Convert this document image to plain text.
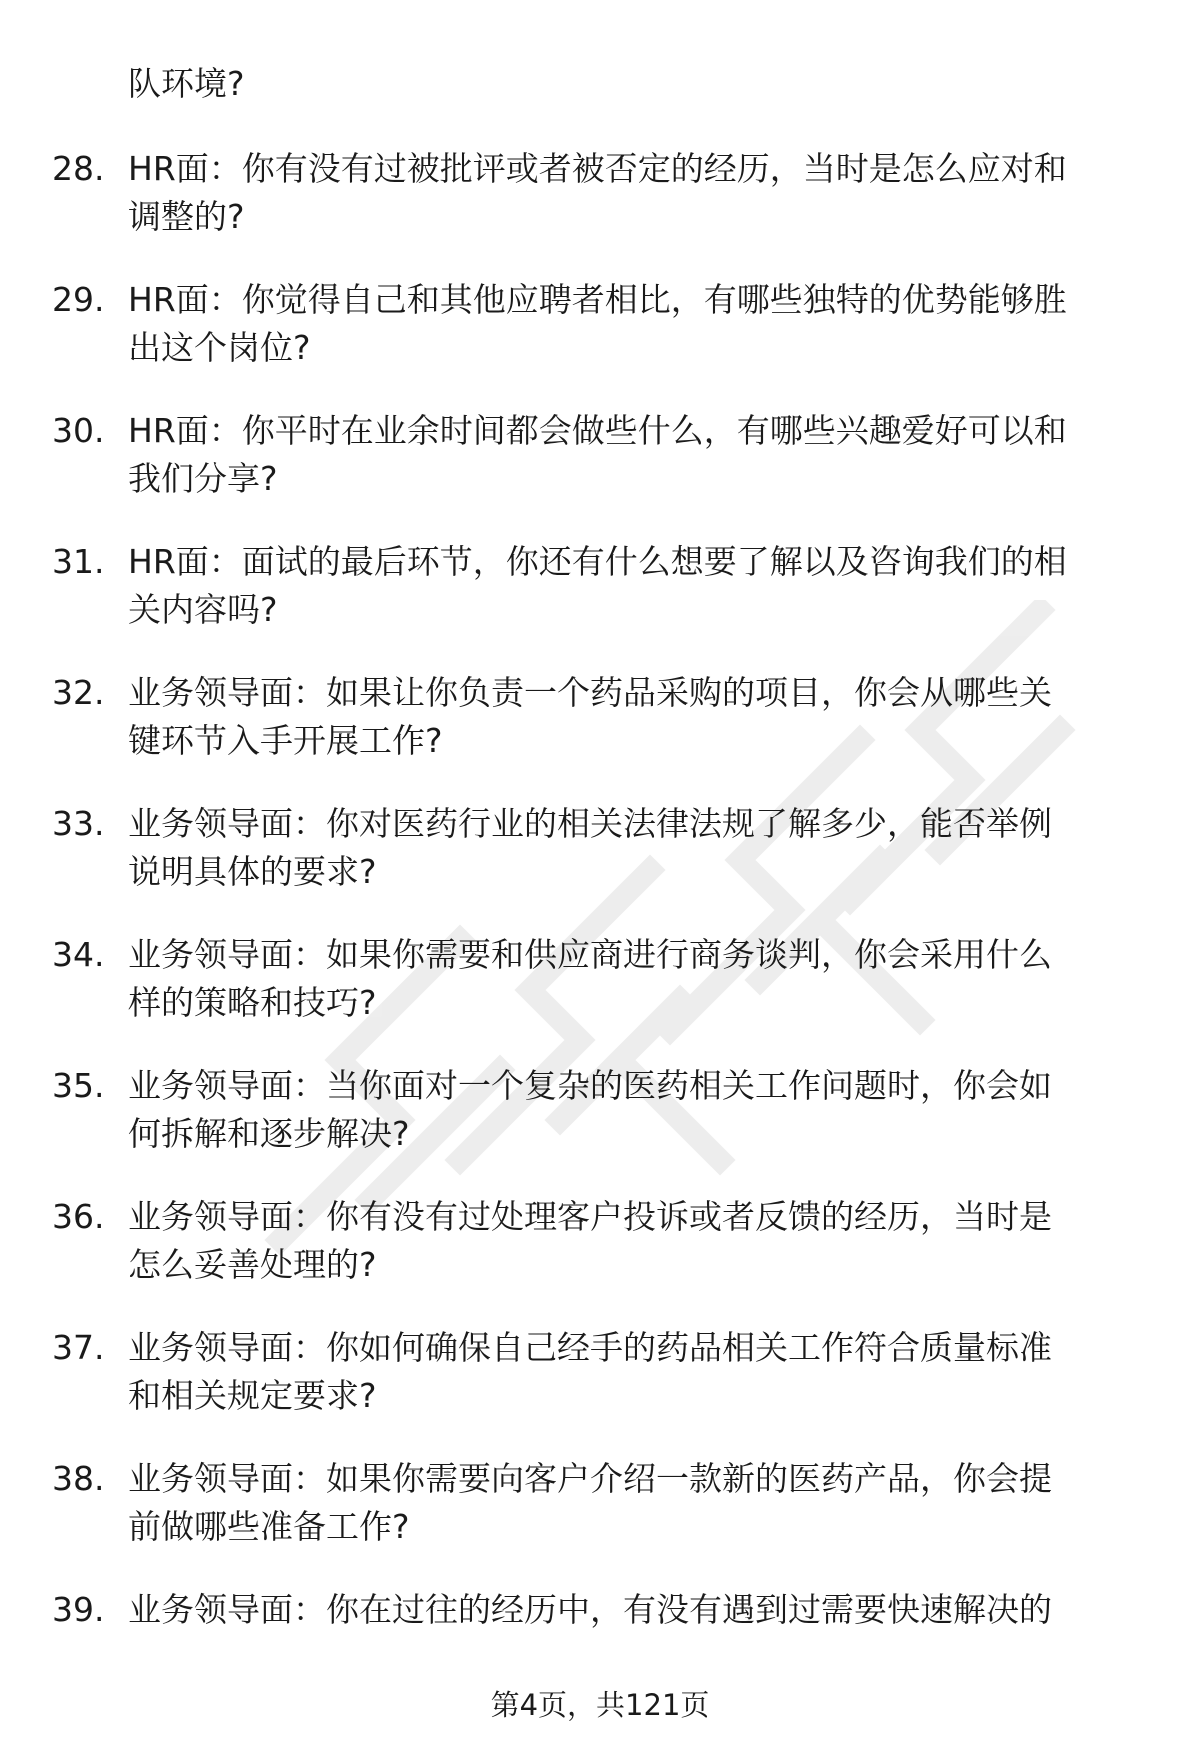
队环境?
28. HR面：你有没有过被批评或者被否定的经历，当时是怎么应对和
调整的?
29. HR面：你觉得自己和其他应聘者相比，有哪些独特的优势能够胜
出这个岗位?
30. HR面：你平时在业余时间都会做些什么，有哪些兴趣爱好可以和
我们分享?
31. HR面：面试的最后环节，你还有什么想要了解以及咨询我们的相
关内容吗?
32. 业务领导面：如果让你负责一个药品采购的项目，你会从哪些关
键环节入手开展工作?
33. 业务领导面：你对医药行业的相关法律法规了解多少，能否举例
说明具体的要求?
34. 业务领导面：如果你需要和供应商进行商务谈判，你会采用什么
样的策略和技巧?
35. 业务领导面：当你面对一个复杂的医药相关工作问题时，你会如
何拆解和逐步解决?
36. 业务领导面：你有没有过处理客户投诉或者反馈的经历，当时是
怎么妥善处理的?
37. 业务领导面：你如何确保自己经手的药品相关工作符合质量标准
和相关规定要求?
38. 业务领导面：如果你需要向客户介绍一款新的医药产品，你会提
前做哪些准备工作?
39. 业务领导面：你在过往的经历中，有没有遇到过需要快速解决的
第4页，共121页
